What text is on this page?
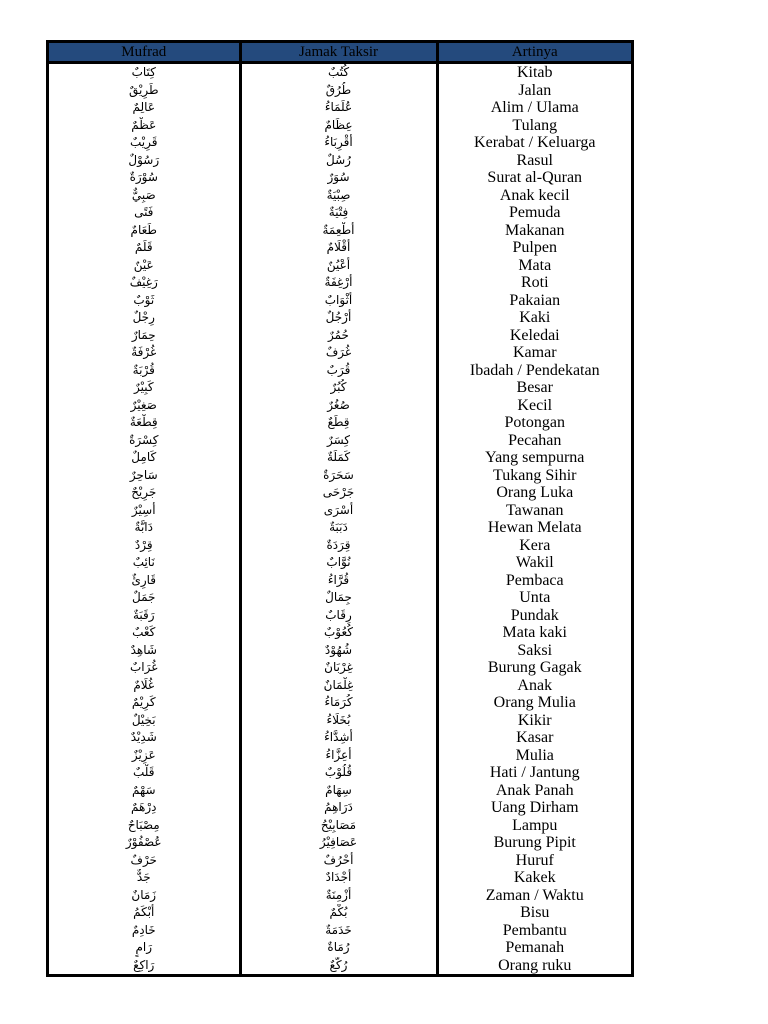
Mufrad	Jamak Taksir	Artinya
كِتَابٌ	كُتُبٌ	Kitab
طَرِيْقٌ	طُرُقٌ	Jalan
عَالِمٌ	عُلَمَاءُ	Alim / Ulama
عَظْمٌ	عِظَامٌ	Tulang
قَرِيْبٌ	أَقْرِبَاءُ	Kerabat / Keluarga
رَسُوْلٌ	رُسُلٌ	Rasul
سُوْرَةٌ	سُوَرٌ	Surat al-Quran
صَبِيٌّ	صِبْيَةٌ	Anak kecil
فَتًى	فِتْيَةٌ	Pemuda
طَعَامٌ	أَطْعِمَةٌ	Makanan
قَلَمٌ	أَقْلَامٌ	Pulpen
عَيْنٌ	أَعْيُنٌ	Mata
رَغِيْفٌ	أَرْغِفَةٌ	Roti
ثَوْبٌ	أَثْوَابٌ	Pakaian
رِجْلٌ	أَرْجُلٌ	Kaki
حِمَارٌ	حُمُرٌ	Keledai
غُرْفَةٌ	غُرَفٌ	Kamar
قُرْبَةٌ	قُرَبٌ	Ibadah / Pendekatan
كَبِيْرٌ	كُبُرٌ	Besar
صَغِيْرٌ	صُغُرٌ	Kecil
قِطْعَةٌ	قِطَعٌ	Potongan
كِسْرَةٌ	كِسَرٌ	Pecahan
كَامِلٌ	كَمَلَةٌ	Yang sempurna
سَاحِرٌ	سَحَرَةٌ	Tukang Sihir
جَرِيْحٌ	جَرْحَى	Orang Luka
أَسِيْرٌ	أَسْرَى	Tawanan
دَابَّةٌ	دَبَبَةٌ	Hewan Melata
قِرْدٌ	قِرَدَةٌ	Kera
نَائِبٌ	نُوَّابٌ	Wakil
قَارِئٌ	قُرَّاءُ	Pembaca
جَمَلٌ	جِمَالٌ	Unta
رَقَبَةٌ	رِقَابٌ	Pundak
كَعْبٌ	كُعُوْبٌ	Mata kaki
شَاهِدٌ	شُهُوْدٌ	Saksi
غُرَابٌ	غِرْبَانٌ	Burung Gagak
غُلَامٌ	غِلْمَانٌ	Anak
كَرِيْمٌ	كُرَمَاءُ	Orang Mulia
بَخِيْلٌ	بُخَلَاءُ	Kikir
شَدِيْدٌ	أَشِدَّاءُ	Kasar
عَزِيْزٌ	أَعِزَّاءُ	Mulia
قَلْبٌ	قُلُوْبٌ	Hati / Jantung
سَهْمٌ	سِهَامٌ	Anak Panah
دِرْهَمٌ	دَرَاهِمُ	Uang Dirham
مِصْبَاحٌ	مَصَابِيْحُ	Lampu
عُصْفُوْرٌ	عَصَافِيْرُ	Burung Pipit
حَرْفٌ	أَحْرُفٌ	Huruf
جَدٌّ	أَجْدَادٌ	Kakek
زَمَانٌ	أَزْمِنَةٌ	Zaman / Waktu
أَبْكَمُ	بُكْمٌ	Bisu
خَادِمٌ	خَدَمَةٌ	Pembantu
رَامٍ	رُمَاةٌ	Pemanah
رَاكِعٌ	رُكَّعٌ	Orang ruku
